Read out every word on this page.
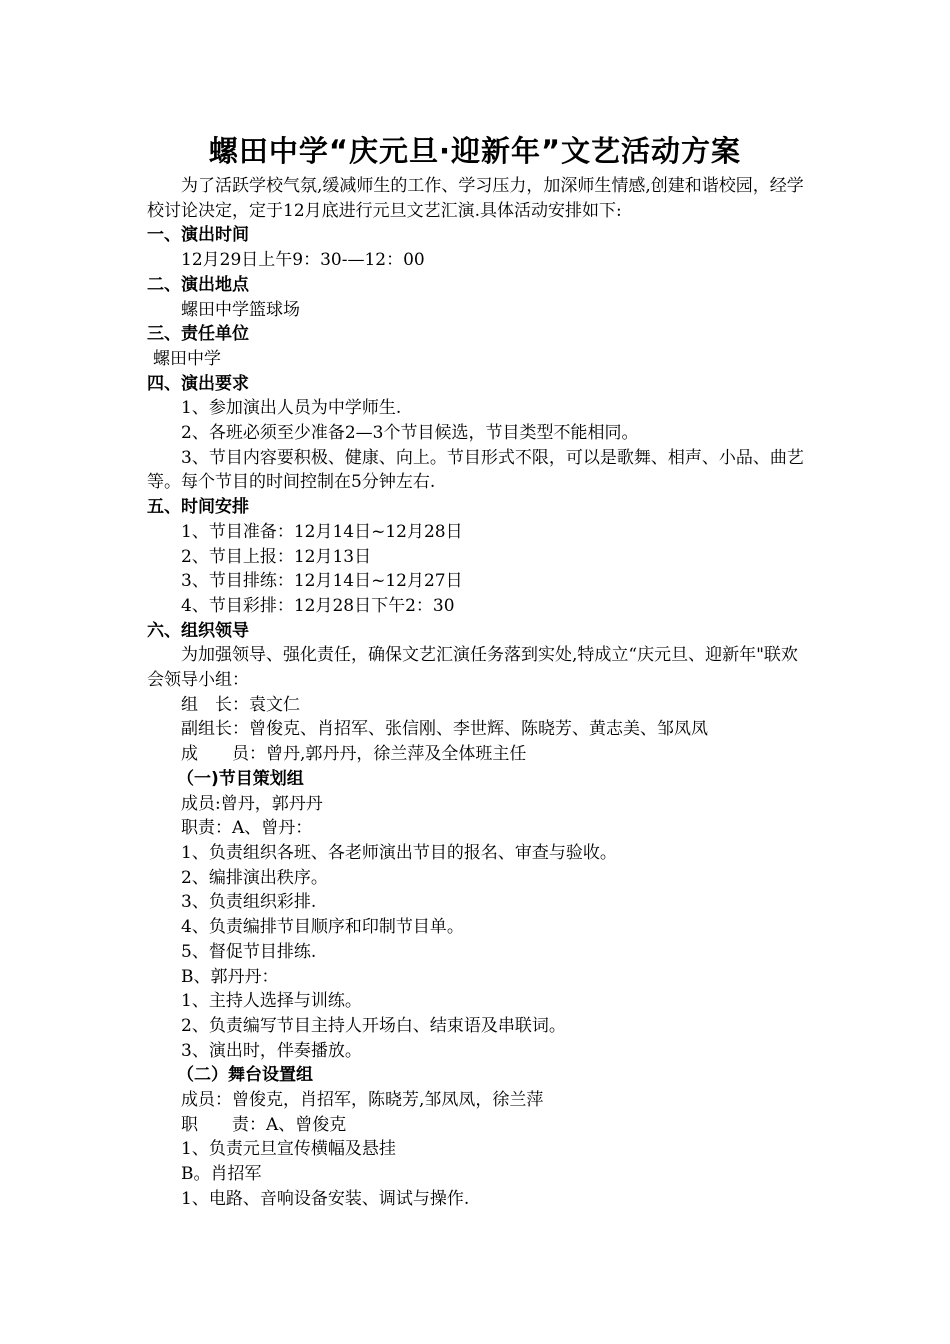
螺田中学“庆元旦·迎新年”文艺活动方案

为了活跃学校气氛,缓减师生的工作、学习压力，加深师生情感,创建和谐校园，经学校讨论决定，定于12月底进行元旦文艺汇演.具体活动安排如下:

一、演出时间

12月29日上午9：30-—12：00

二、演出地点

螺田中学篮球场

三、责任单位

螺田中学

四、演出要求

1、参加演出人员为中学师生.

2、各班必须至少准备2—3个节目候选，节目类型不能相同。

3、节目内容要积极、健康、向上。节目形式不限，可以是歌舞、相声、小品、曲艺等。每个节目的时间控制在5分钟左右.

五、时间安排

1、节目准备：12月14日~12月28日

2、节目上报：12月13日

3、节目排练：12月14日~12月27日

4、节目彩排：12月28日下午2：30

六、组织领导

为加强领导、强化责任，确保文艺汇演任务落到实处,特成立“庆元旦、迎新年"联欢会领导小组：

组　长：袁文仁

副组长：曾俊克、肖招军、张信刚、李世辉、陈晓芳、黄志美、邹凤凤

成　　员：曾丹,郭丹丹，徐兰萍及全体班主任

（一)节目策划组

成员:曾丹，郭丹丹

职责：A、曾丹：

1、负责组织各班、各老师演出节目的报名、审查与验收。

2、编排演出秩序。

3、负责组织彩排.

4、负责编排节目顺序和印制节目单。

5、督促节目排练.

B、郭丹丹：

1、主持人选择与训练。

2、负责编写节目主持人开场白、结束语及串联词。

3、演出时，伴奏播放。

（二）舞台设置组

成员：曾俊克，肖招军，陈晓芳,邹凤凤，徐兰萍

职　　责：A、曾俊克

1、负责元旦宣传横幅及悬挂

B。肖招军

1、电路、音响设备安装、调试与操作.
